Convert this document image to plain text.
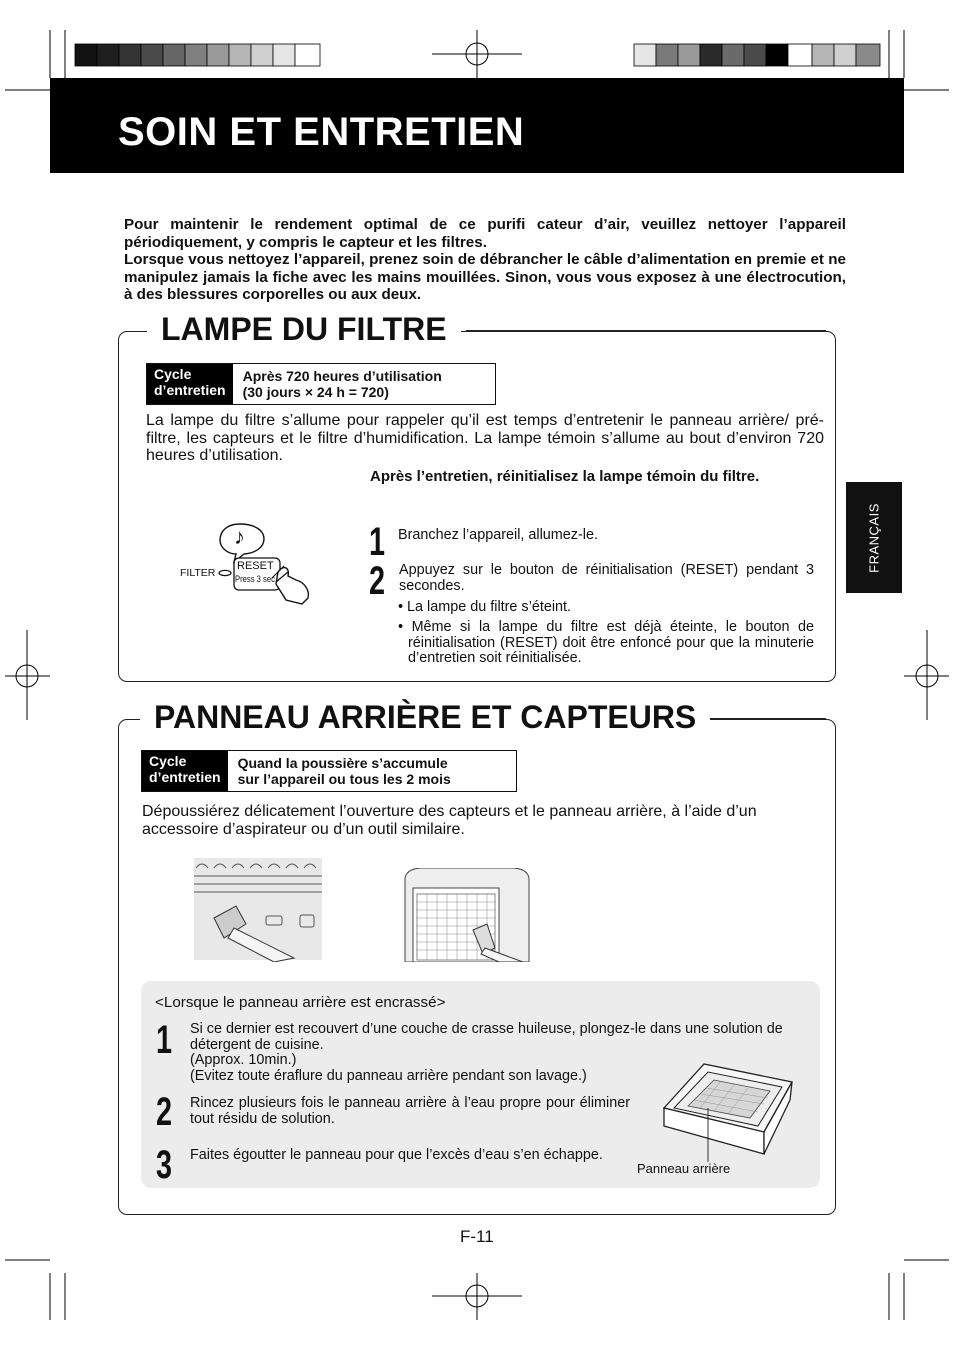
SOIN ET ENTRETIEN

Pour maintenir le rendement optimal de ce purifi cateur d’air, veuillez nettoyer l’appareil périodiquement, y compris le capteur et les filtres.

Lorsque vous nettoyez l’appareil, prenez soin de débrancher le câble d’alimentation en premie et ne manipulez jamais la fiche avec les mains mouillées. Sinon, vous vous exposez à une électrocution, à des blessures corporelles ou aux deux.

FRANÇAIS
LAMPE DU FILTRE
Cycle
d’entretien
Après 720 heures d’utilisation
(30 jours × 24 h = 720)
La lampe du filtre s’allume pour rappeler qu’il est temps d’entretenir le panneau arrière/ pré-filtre, les capteurs et le filtre d’humidification. La lampe témoin s’allume au bout d’environ 720 heures d’utilisation.
Après l’entretien, réinitialisez la lampe témoin du filtre.
♪
FILTER
RESET
Press 3 sec.
1 Branchez l’appareil, allumez-le.
2 Appuyez sur le bouton de réinitialisation (RESET) pendant 3 secondes.
• La lampe du filtre s’éteint.
• Même si la lampe du filtre est déjà éteinte, le bouton de réinitialisation (RESET) doit être enfoncé pour que la minuterie d’entretien soit réinitialisée.
PANNEAU ARRIÈRE ET CAPTEURS
Cycle
d’entretien
Quand la poussière s’accumule
sur l’appareil ou tous les 2 mois
Dépoussiérez délicatement l’ouverture des capteurs et le panneau arrière, à l’aide d’un accessoire d’aspirateur ou d’un outil similaire.
<Lorsque le panneau arrière est encrassé>
1 Si ce dernier est recouvert d’une couche de crasse huileuse, plongez-le dans une solution de détergent de cuisine.
(Approx. 10min.)
(Evitez toute éraflure du panneau arrière pendant son lavage.)
2 Rincez plusieurs fois le panneau arrière à l’eau propre pour éliminer tout résidu de solution.
3 Faites égoutter le panneau pour que l’excès d’eau s’en échappe.
Panneau arrière
F-11
